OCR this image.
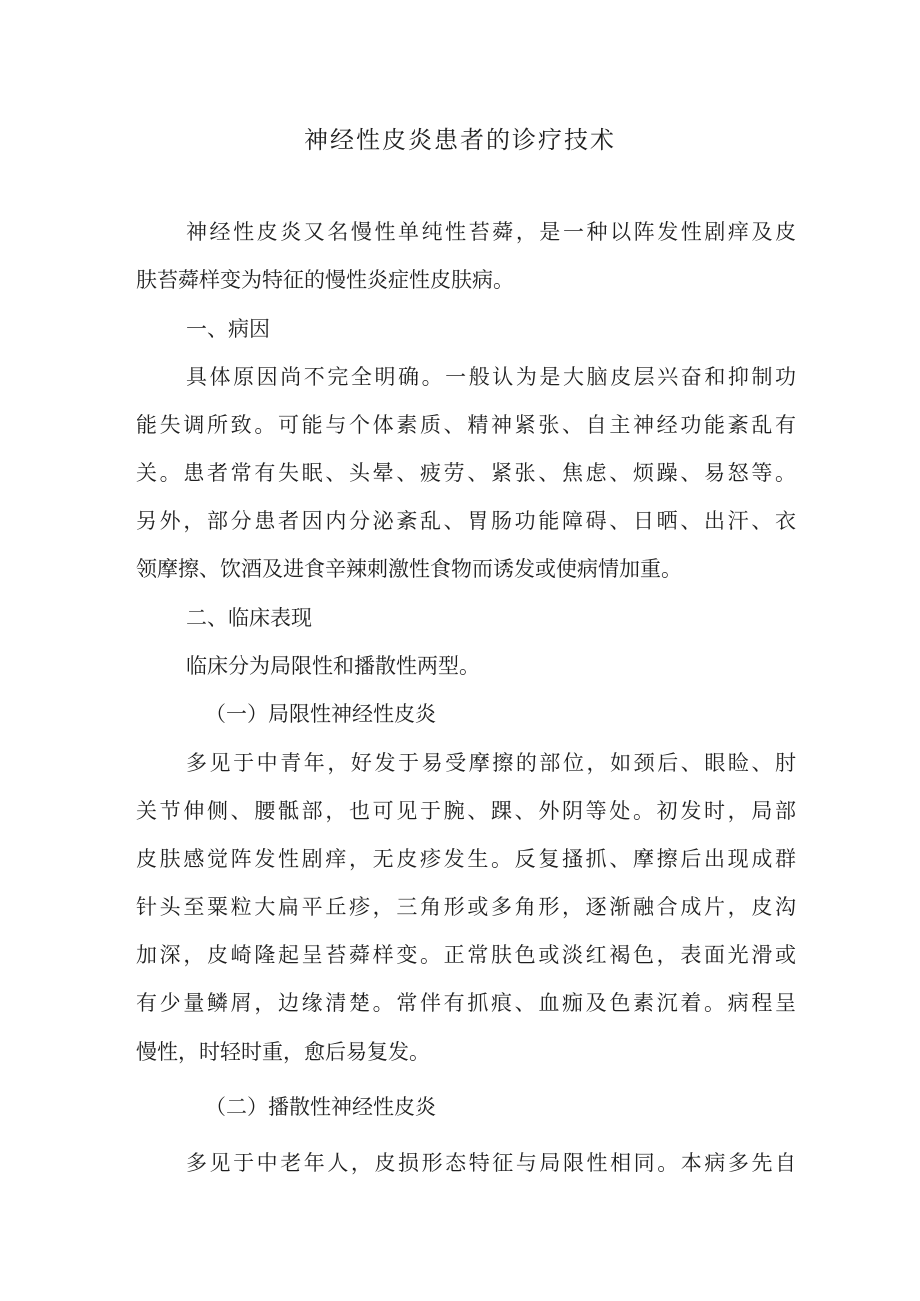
神经性皮炎患者的诊疗技术
神经性皮炎又名慢性单纯性苔蕣，是一种以阵发性剧痒及皮
肤苔蕣样变为特征的慢性炎症性皮肤病。
一、病因
具体原因尚不完全明确。一般认为是大脑皮层兴奋和抑制功
能失调所致。可能与个体素质、精神紧张、自主神经功能紊乱有
关。患者常有失眠、头晕、疲劳、紧张、焦虑、烦躁、易怒等。
另外，部分患者因内分泌紊乱、胃肠功能障碍、日晒、出汗、衣
领摩擦、饮酒及进食辛辣刺激性食物而诱发或使病情加重。
二、临床表现
临床分为局限性和播散性两型。
（一）局限性神经性皮炎
多见于中青年，好发于易受摩擦的部位，如颈后、眼睑、肘
关节伸侧、腰骶部，也可见于腕、踝、外阴等处。初发时，局部
皮肤感觉阵发性剧痒，无皮疹发生。反复搔抓、摩擦后出现成群
针头至粟粒大扁平丘疹，三角形或多角形，逐渐融合成片，皮沟
加深，皮崎隆起呈苔蕣样变。正常肤色或淡红褐色，表面光滑或
有少量鳞屑，边缘清楚。常伴有抓痕、血痂及色素沉着。病程呈
慢性，时轻时重，愈后易复发。
（二）播散性神经性皮炎
多见于中老年人，皮损形态特征与局限性相同。本病多先自
